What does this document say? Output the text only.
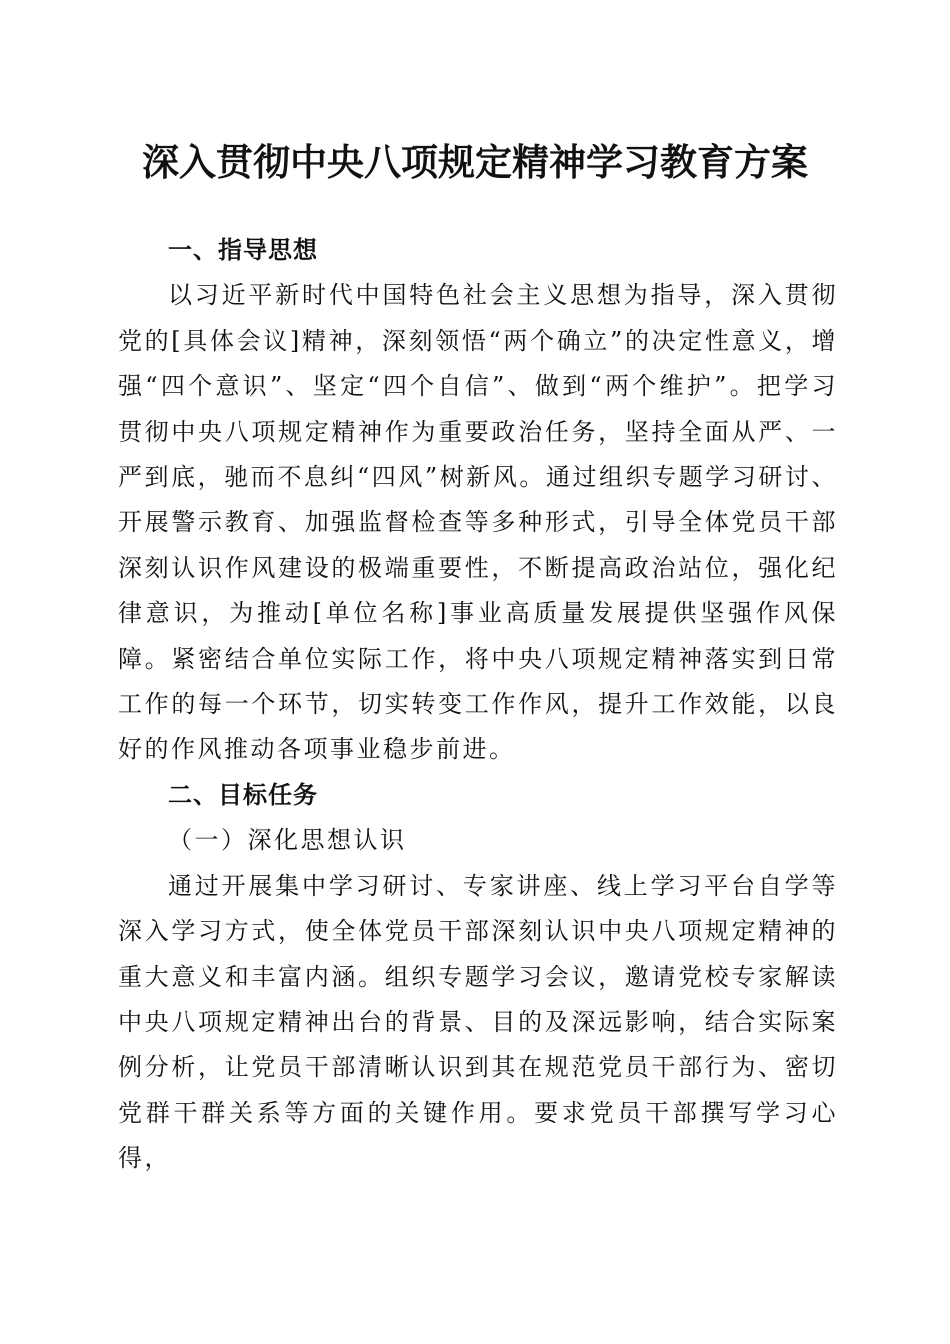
深入贯彻中央八项规定精神学习教育方案

一、指导思想

以习近平新时代中国特色社会主义思想为指导，深入贯彻党的[具体会议]精神，深刻领悟“两个确立”的决定性意义，增强“四个意识”、坚定“四个自信”、做到“两个维护”。把学习贯彻中央八项规定精神作为重要政治任务，坚持全面从严、一严到底，驰而不息纠“四风”树新风。通过组织专题学习研讨、开展警示教育、加强监督检查等多种形式，引导全体党员干部深刻认识作风建设的极端重要性，不断提高政治站位，强化纪律意识，为推动[单位名称]事业高质量发展提供坚强作风保障。紧密结合单位实际工作，将中央八项规定精神落实到日常工作的每一个环节，切实转变工作作风，提升工作效能，以良好的作风推动各项事业稳步前进。

二、目标任务

（一）深化思想认识

通过开展集中学习研讨、专家讲座、线上学习平台自学等深入学习方式，使全体党员干部深刻认识中央八项规定精神的重大意义和丰富内涵。组织专题学习会议，邀请党校专家解读中央八项规定精神出台的背景、目的及深远影响，结合实际案例分析，让党员干部清晰认识到其在规范党员干部行为、密切党群干群关系等方面的关键作用。要求党员干部撰写学习心得，
